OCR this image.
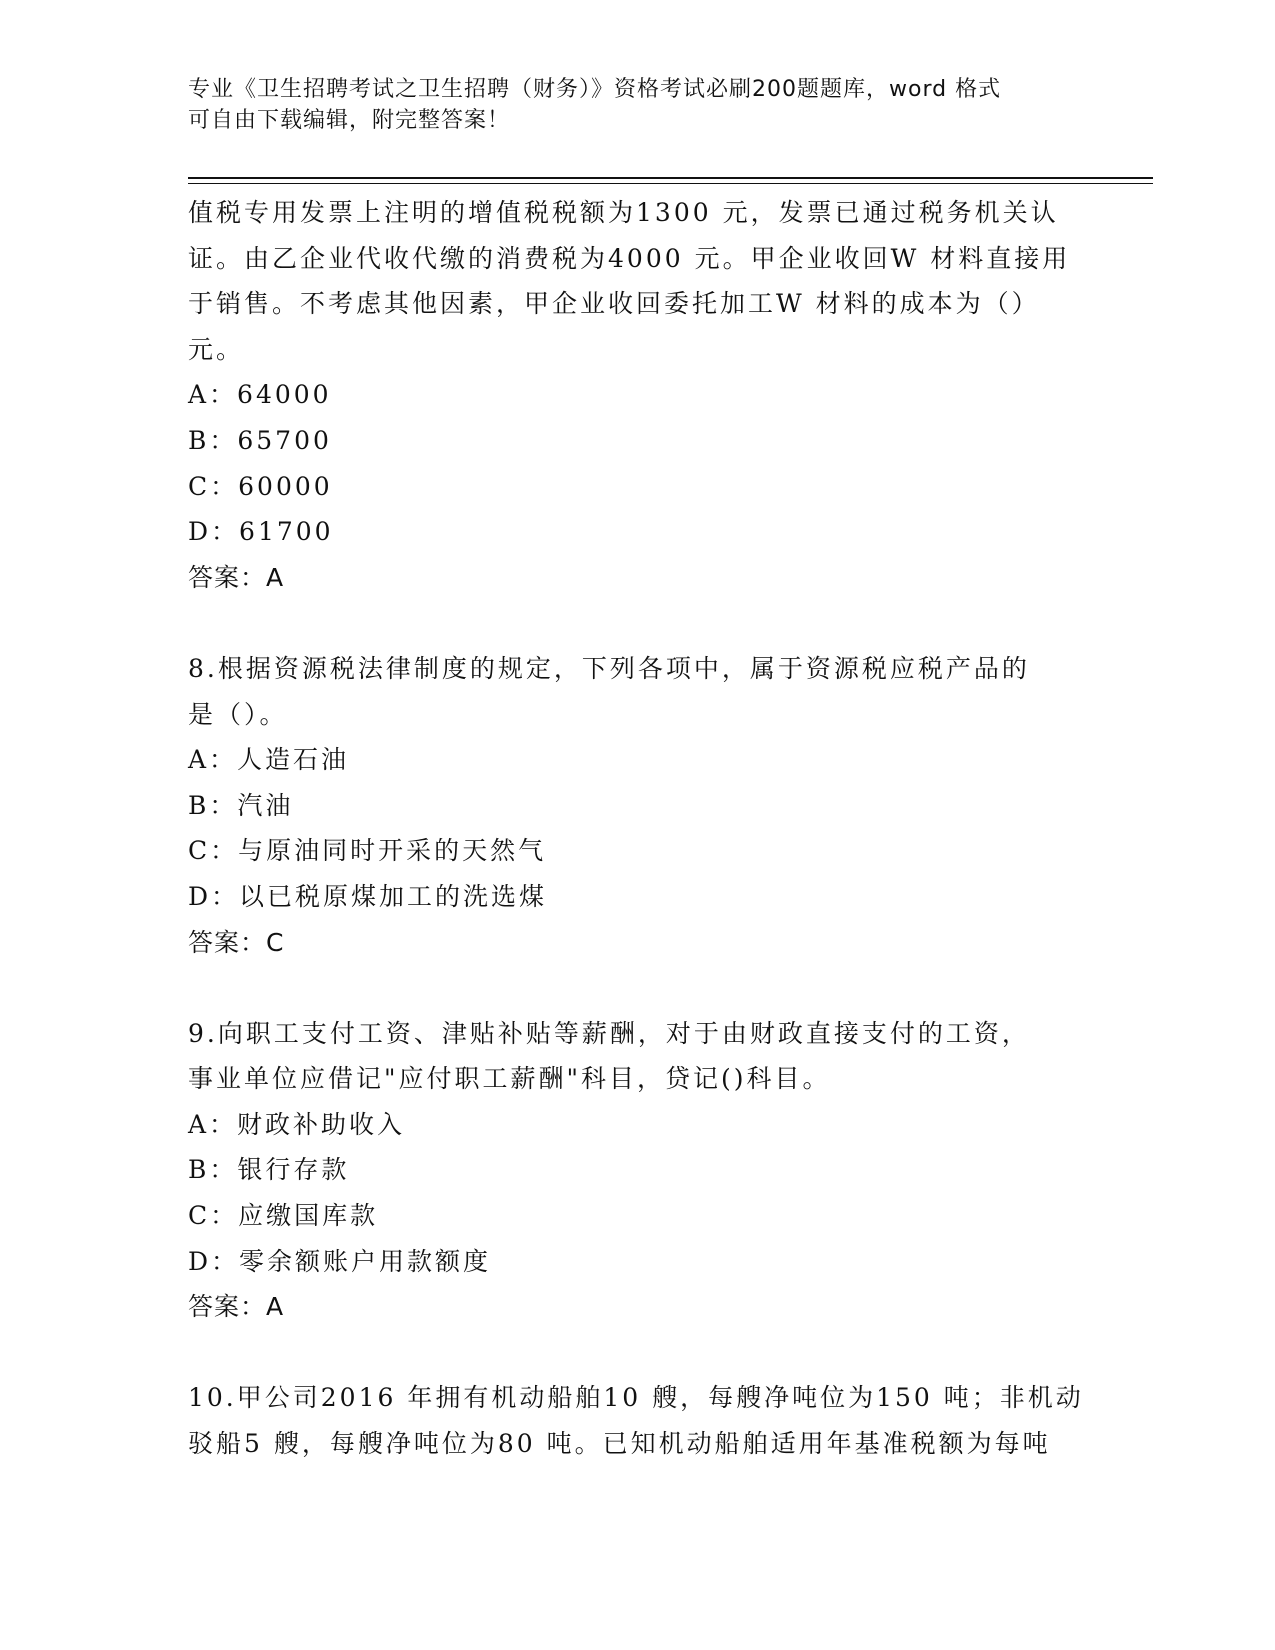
专业《卫生招聘考试之卫生招聘（财务）》资格考试必刷200题题库，word 格式
可自由下载编辑，附完整答案！
值税专用发票上注明的增值税税额为1300 元，发票已通过税务机关认
证。由乙企业代收代缴的消费税为4000 元。甲企业收回W 材料直接用
于销售。不考虑其他因素，甲企业收回委托加工W 材料的成本为（）
元。
A：64000
B：65700
C：60000
D：61700
答案：A
8.根据资源税法律制度的规定，下列各项中，属于资源税应税产品的
是（）。
A：人造石油
B：汽油
C：与原油同时开采的天然气
D：以已税原煤加工的洗选煤
答案：C
9.向职工支付工资、津贴补贴等薪酬，对于由财政直接支付的工资，
事业单位应借记"应付职工薪酬"科目，贷记()科目。
A：财政补助收入
B：银行存款
C：应缴国库款
D：零余额账户用款额度
答案：A
10.甲公司2016 年拥有机动船舶10 艘，每艘净吨位为150 吨；非机动
驳船5 艘，每艘净吨位为80 吨。已知机动船舶适用年基准税额为每吨
